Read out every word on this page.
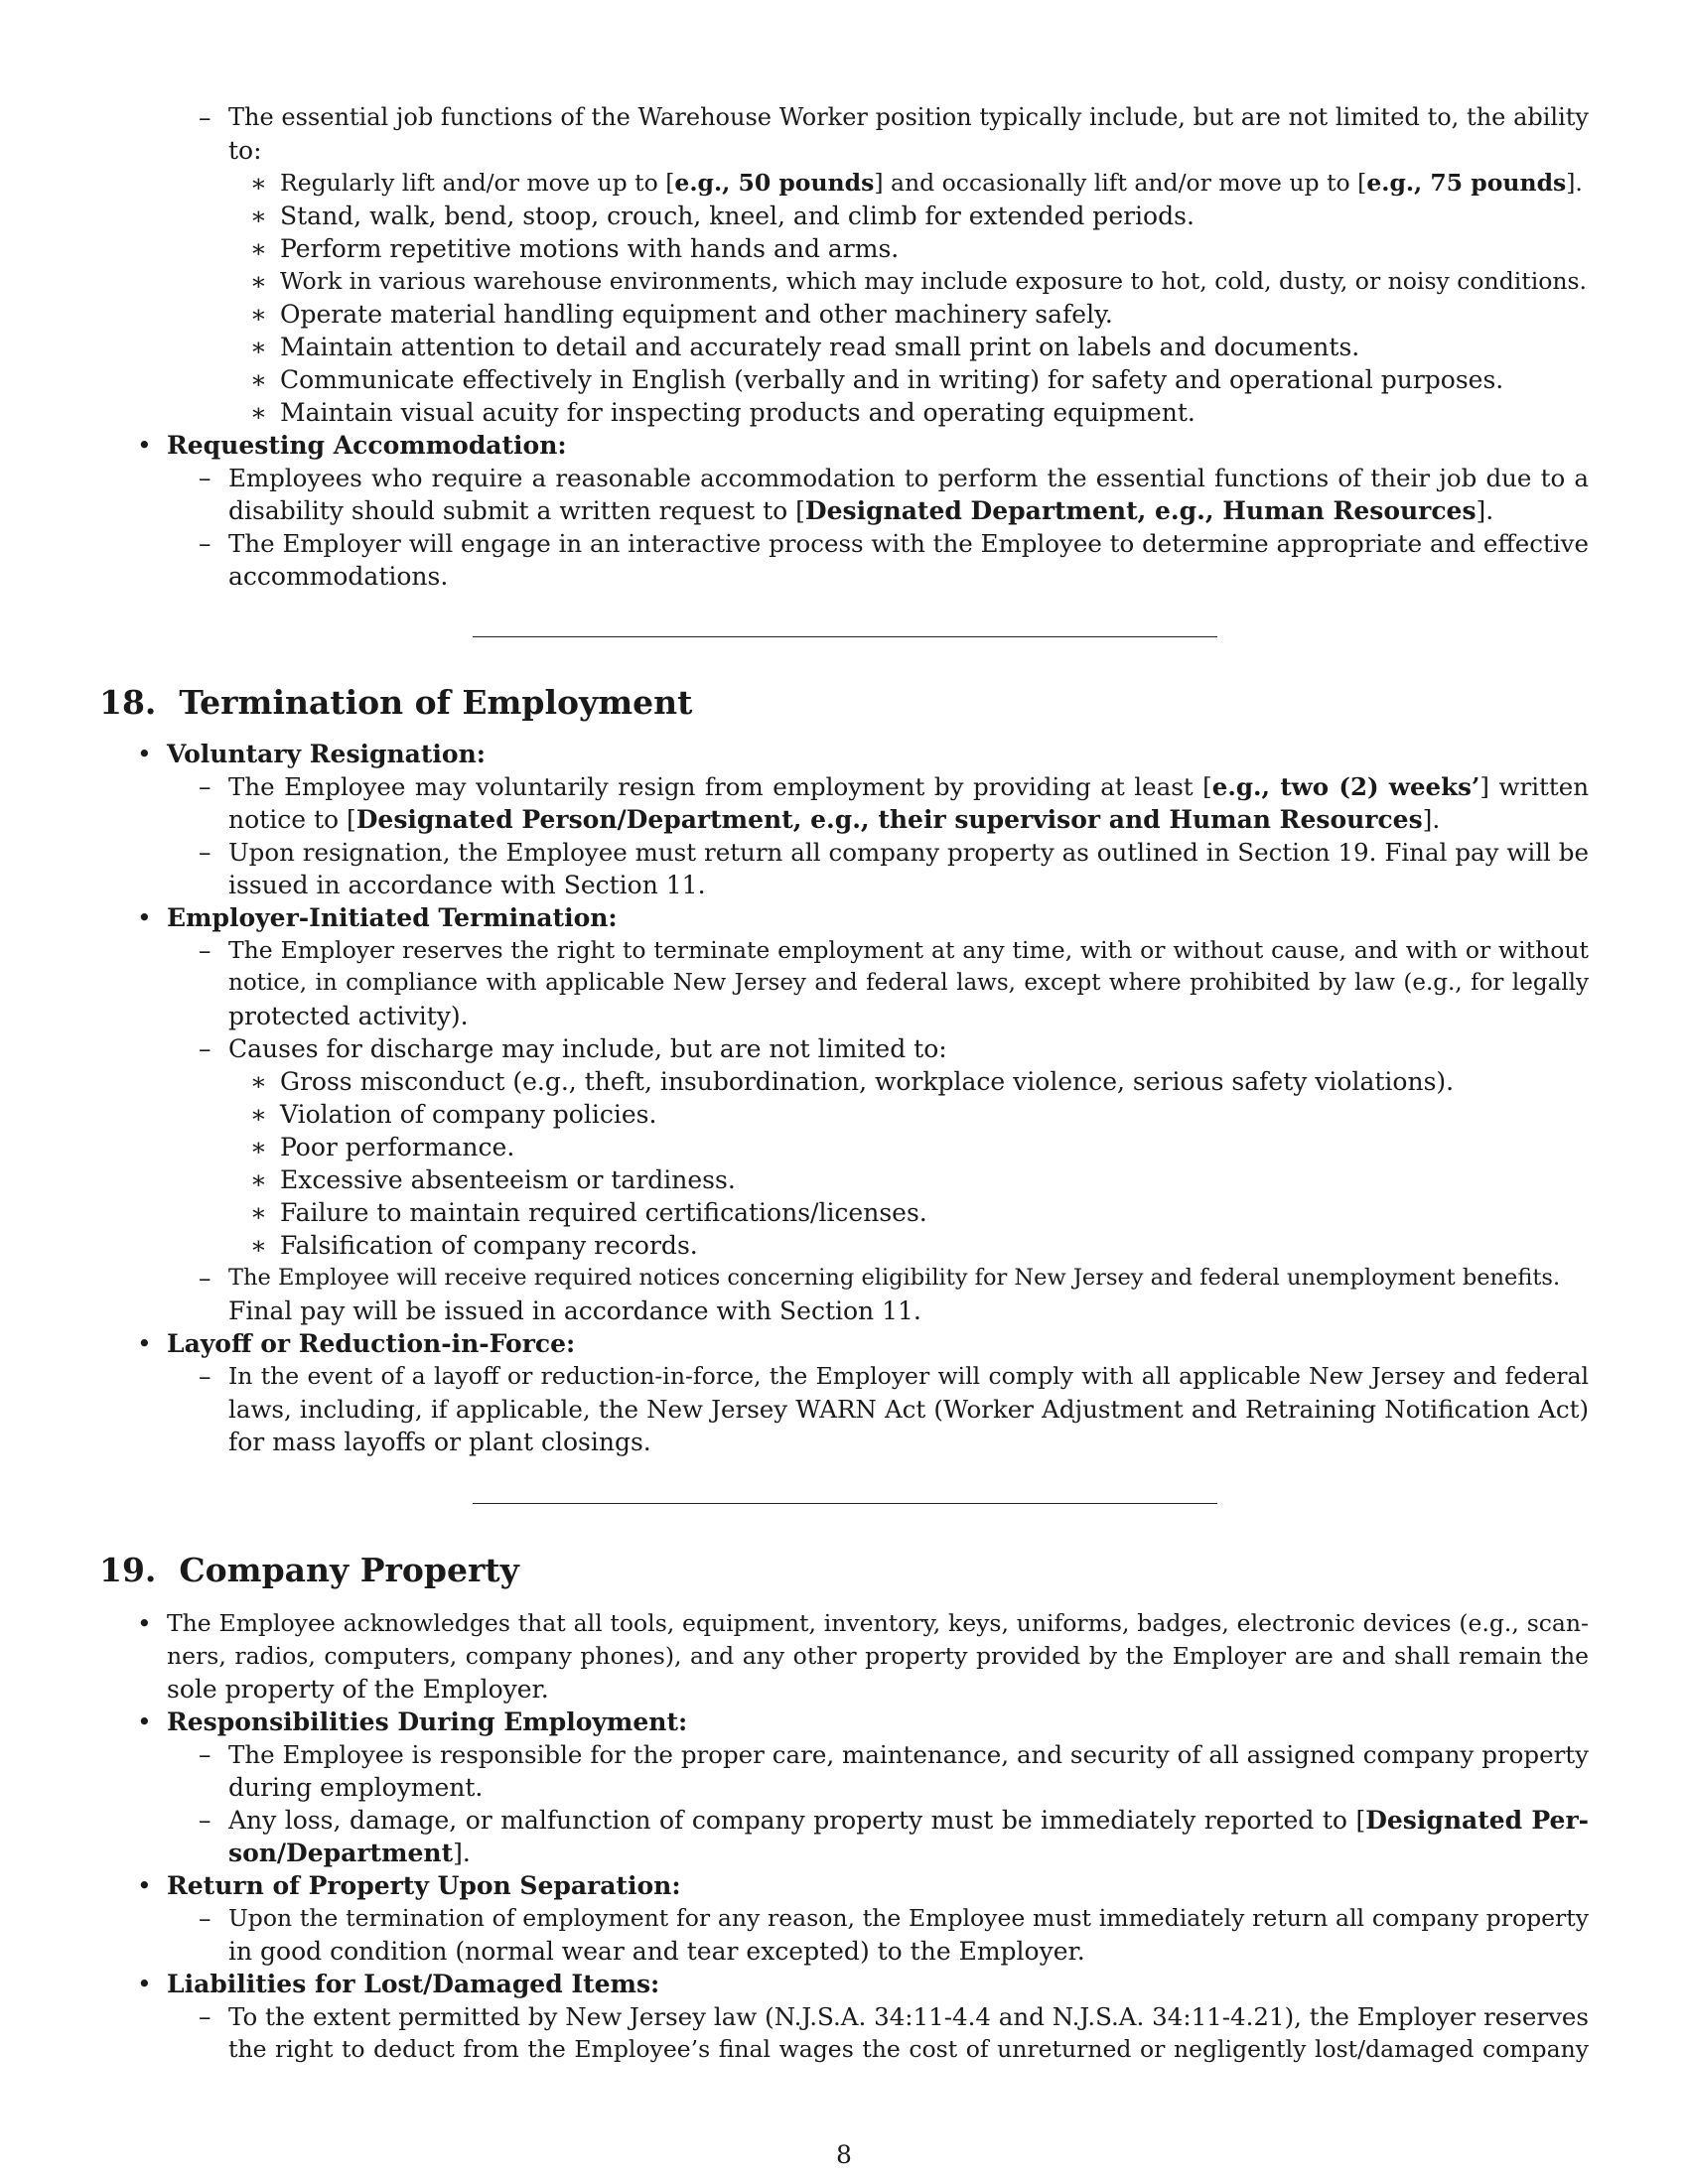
– The essential job functions of the Warehouse Worker position typically include, but are not limited to, the ability
to:
∗ Regularly lift and/or move up to [e.g., 50 pounds] and occasionally lift and/or move up to [e.g., 75 pounds].
∗ Stand, walk, bend, stoop, crouch, kneel, and climb for extended periods.
∗ Perform repetitive motions with hands and arms.
∗ Work in various warehouse environments, which may include exposure to hot, cold, dusty, or noisy conditions.
∗ Operate material handling equipment and other machinery safely.
∗ Maintain attention to detail and accurately read small print on labels and documents.
∗ Communicate effectively in English (verbally and in writing) for safety and operational purposes.
∗ Maintain visual acuity for inspecting products and operating equipment.
• Requesting Accommodation:
– Employees who require a reasonable accommodation to perform the essential functions of their job due to a
disability should submit a written request to [Designated Department, e.g., Human Resources].
– The Employer will engage in an interactive process with the Employee to determine appropriate and effective
accommodations.
18. Termination of Employment
• Voluntary Resignation:
– The Employee may voluntarily resign from employment by providing at least [e.g., two (2) weeks’] written
notice to [Designated Person/Department, e.g., their supervisor and Human Resources].
– Upon resignation, the Employee must return all company property as outlined in Section 19. Final pay will be
issued in accordance with Section 11.
• Employer-Initiated Termination:
– The Employer reserves the right to terminate employment at any time, with or without cause, and with or without
notice, in compliance with applicable New Jersey and federal laws, except where prohibited by law (e.g., for legally
protected activity).
– Causes for discharge may include, but are not limited to:
∗ Gross misconduct (e.g., theft, insubordination, workplace violence, serious safety violations).
∗ Violation of company policies.
∗ Poor performance.
∗ Excessive absenteeism or tardiness.
∗ Failure to maintain required certifications/licenses.
∗ Falsification of company records.
– The Employee will receive required notices concerning eligibility for New Jersey and federal unemployment benefits.
Final pay will be issued in accordance with Section 11.
• Layoff or Reduction-in-Force:
– In the event of a layoff or reduction-in-force, the Employer will comply with all applicable New Jersey and federal
laws, including, if applicable, the New Jersey WARN Act (Worker Adjustment and Retraining Notification Act)
for mass layoffs or plant closings.
19. Company Property
• The Employee acknowledges that all tools, equipment, inventory, keys, uniforms, badges, electronic devices (e.g., scan-
ners, radios, computers, company phones), and any other property provided by the Employer are and shall remain the
sole property of the Employer.
• Responsibilities During Employment:
– The Employee is responsible for the proper care, maintenance, and security of all assigned company property
during employment.
– Any loss, damage, or malfunction of company property must be immediately reported to [Designated Per-
son/Department].
• Return of Property Upon Separation:
– Upon the termination of employment for any reason, the Employee must immediately return all company property
in good condition (normal wear and tear excepted) to the Employer.
• Liabilities for Lost/Damaged Items:
– To the extent permitted by New Jersey law (N.J.S.A. 34:11-4.4 and N.J.S.A. 34:11-4.21), the Employer reserves
the right to deduct from the Employee’s final wages the cost of unreturned or negligently lost/damaged company
8
